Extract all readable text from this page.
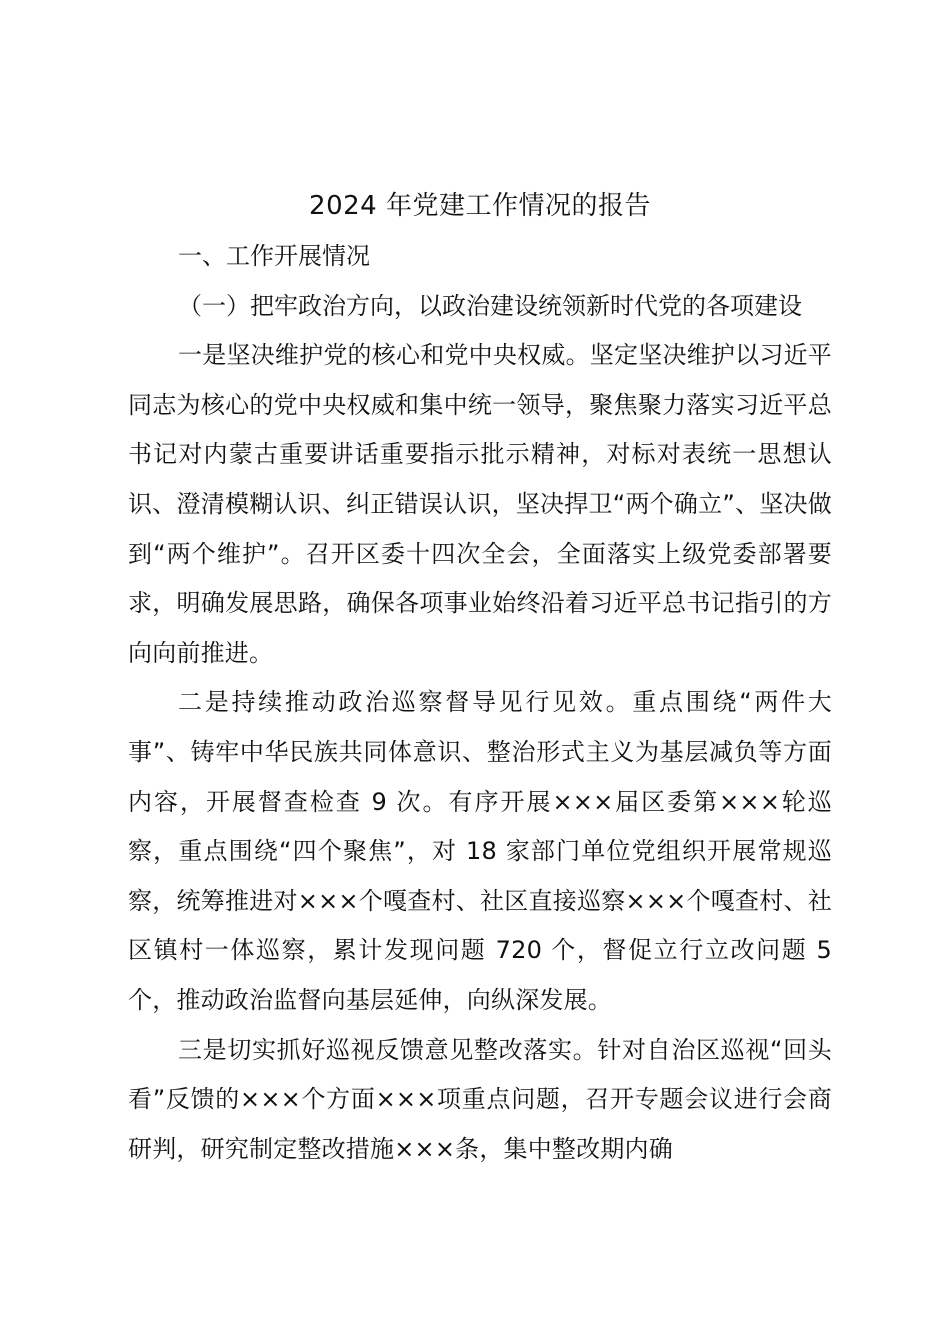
2024 年党建工作情况的报告

一、工作开展情况

（一）把牢政治方向，以政治建设统领新时代党的各项建设

一是坚决维护党的核心和党中央权威。坚定坚决维护以习近平同志为核心的党中央权威和集中统一领导，聚焦聚力落实习近平总书记对内蒙古重要讲话重要指示批示精神，对标对表统一思想认识、澄清模糊认识、纠正错误认识，坚决捍卫“两个确立”、坚决做到“两个维护”。召开区委十四次全会，全面落实上级党委部署要求，明确发展思路，确保各项事业始终沿着习近平总书记指引的方向向前推进。

二是持续推动政治巡察督导见行见效。重点围绕“两件大事”、铸牢中华民族共同体意识、整治形式主义为基层减负等方面内容，开展督查检查 9 次。有序开展×××届区委第×××轮巡察，重点围绕“四个聚焦”，对 18 家部门单位党组织开展常规巡察，统筹推进对×××个嘎查村、社区直接巡察×××个嘎查村、社区镇村一体巡察，累计发现问题 720 个，督促立行立改问题 5 个，推动政治监督向基层延伸，向纵深发展。

三是切实抓好巡视反馈意见整改落实。针对自治区巡视“回头看”反馈的×××个方面×××项重点问题，召开专题会议进行会商研判，研究制定整改措施×××条，集中整改期内确
